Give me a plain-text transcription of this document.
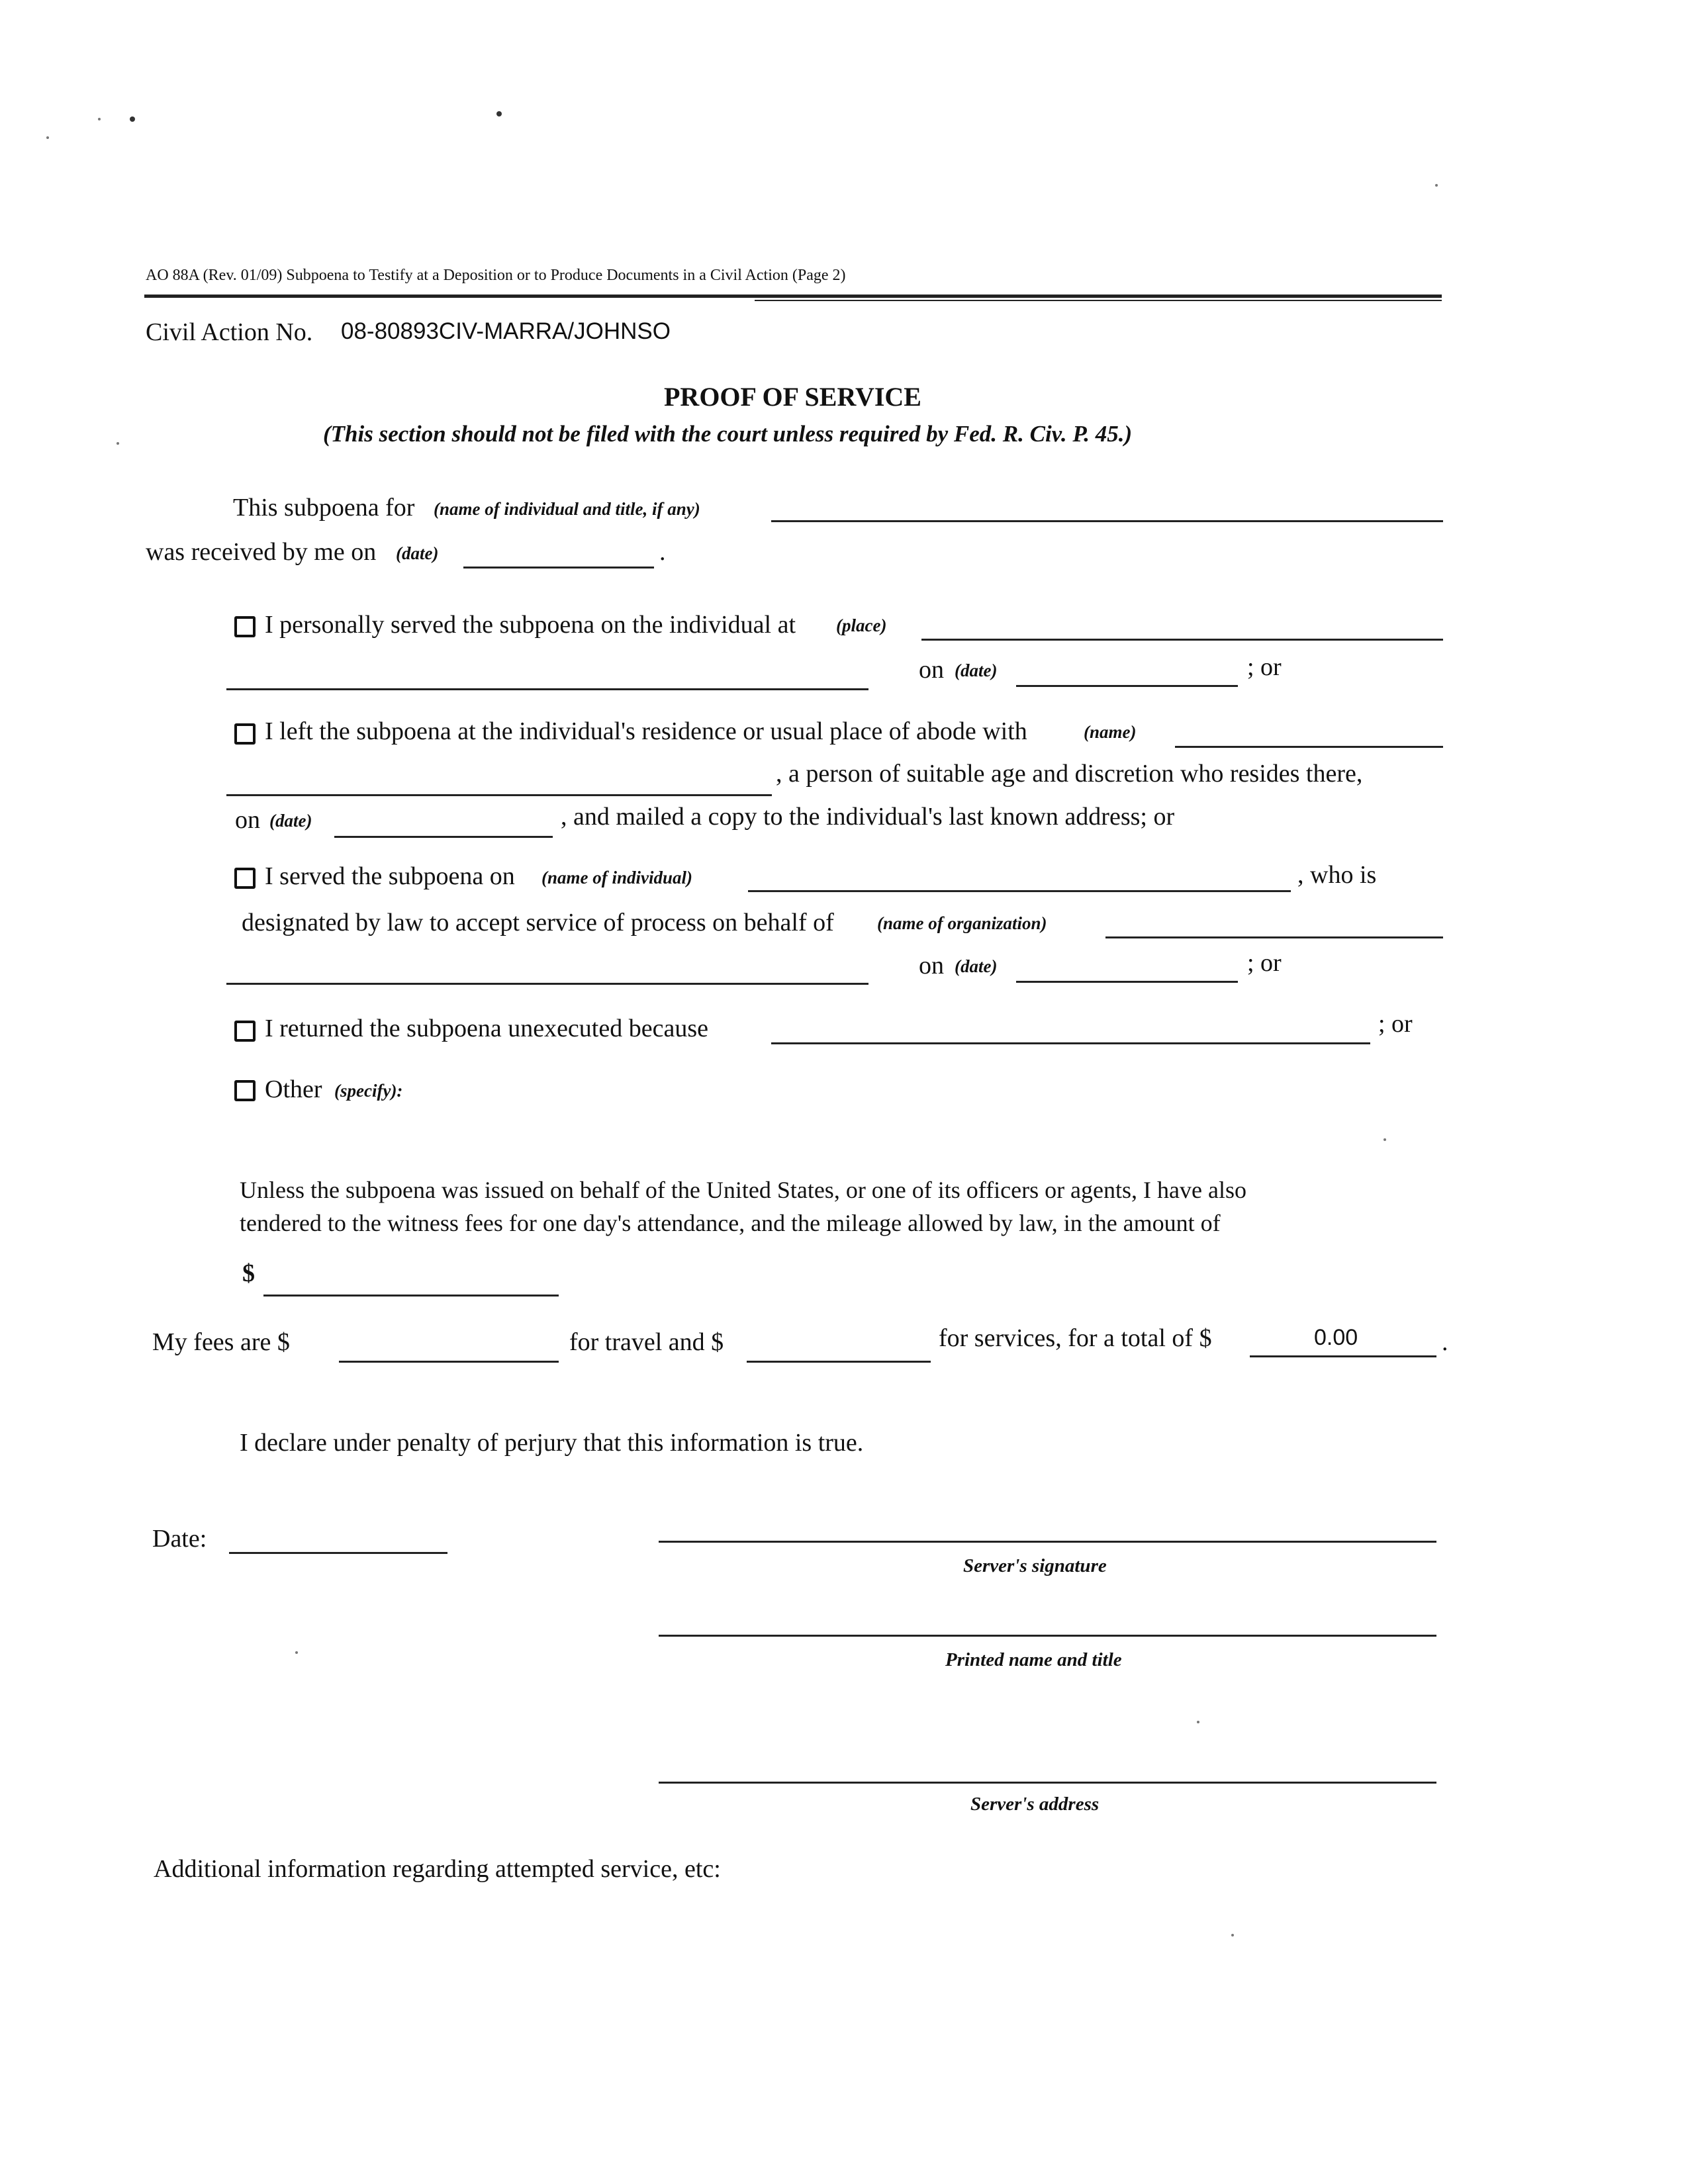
AO 88A (Rev. 01/09) Subpoena to Testify at a Deposition or to Produce Documents in a Civil Action (Page 2)
Civil Action No. 08-80893CIV-MARRA/JOHNSO
PROOF OF SERVICE
(This section should not be filed with the court unless required by Fed. R. Civ. P. 45.)
This subpoena for (name of individual and title, if any)
was received by me on (date)	.
I personally served the subpoena on the individual at (place)
on (date)	; or
I left the subpoena at the individual's residence or usual place of abode with	(name)
, a person of suitable age and discretion who resides there,
on (date)	, and mailed a copy to the individual's last known address; or
I served the subpoena on (name of individual)	, who is
designated by law to accept service of process on behalf of (name of organization)
on (date)	; or
I returned the subpoena unexecuted because	; or
Other (specify):
Unless the subpoena was issued on behalf of the United States, or one of its officers or agents, I have also
tendered to the witness fees for one day's attendance, and the mileage allowed by law, in the amount of
$
My fees are $	for travel and $	for services, for a total of $	0.00	.
I declare under penalty of perjury that this information is true.
Date:
Server's signature
Printed name and title
Server's address
Additional information regarding attempted service, etc:
